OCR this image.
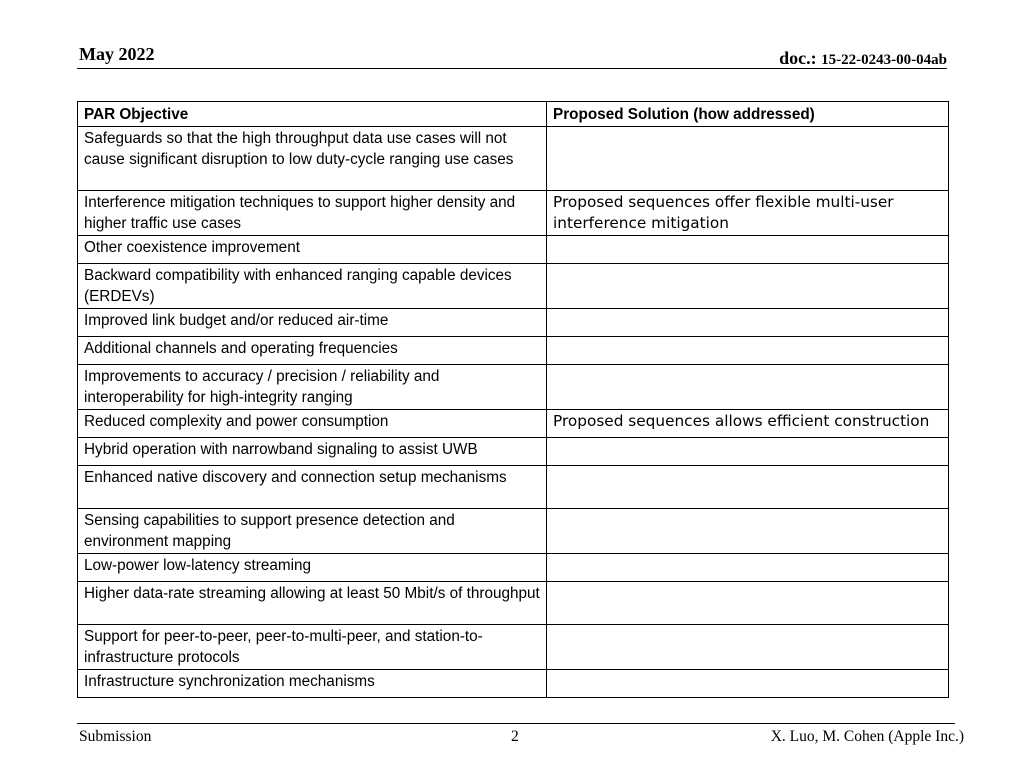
May 2022	doc.: 15-22-0243-00-04ab
PAR Objective	Proposed Solution (how addressed)
Safeguards so that the high throughput data use cases will not cause significant disruption to low duty-cycle ranging use cases	
Interference mitigation techniques to support higher density and higher traffic use cases	Proposed sequences offer flexible multi-user interference mitigation
Other coexistence improvement	
Backward compatibility with enhanced ranging capable devices (ERDEVs)	
Improved link budget and/or reduced air-time	
Additional channels and operating frequencies	
Improvements to accuracy / precision / reliability and interoperability for high-integrity ranging	
Reduced complexity and power consumption	Proposed sequences allows efficient construction
Hybrid operation with narrowband signaling to assist UWB	
Enhanced native discovery and connection setup mechanisms	
Sensing capabilities to support presence detection and environment mapping	
Low-power low-latency streaming	
Higher data-rate streaming allowing at least 50 Mbit/s of throughput	
Support for peer-to-peer, peer-to-multi-peer, and station-to-infrastructure protocols	
Infrastructure synchronization mechanisms	
Submission	2	X. Luo, M. Cohen (Apple Inc.)
